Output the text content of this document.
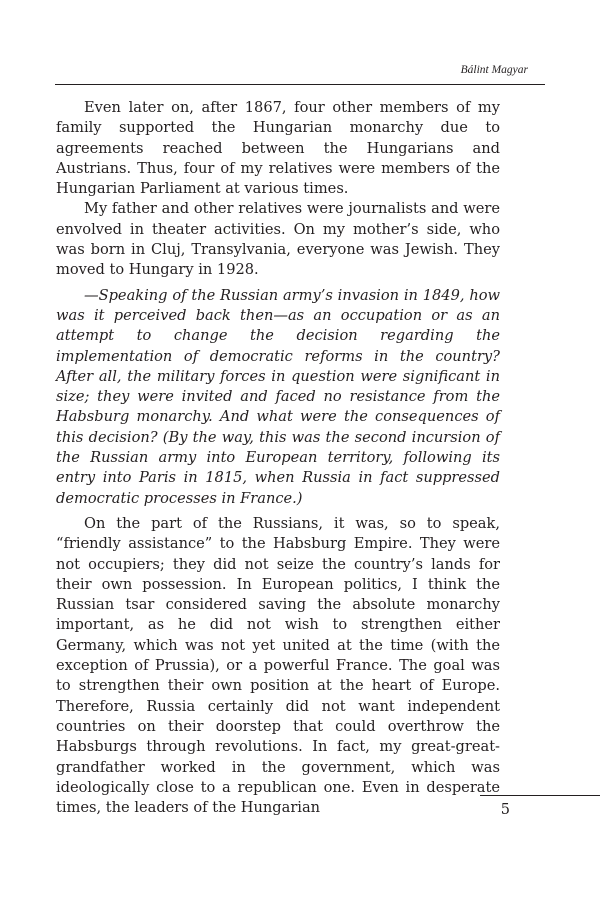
Bálint Magyar

Even later on, after 1867, four other members of my family supported the Hungarian monarchy due to agreements reached between the Hungarians and Austrians. Thus, four of my relatives were members of the Hungarian Parliament at various times.

My father and other relatives were journalists and were envolved in theater activities. On my mother’s side, who was born in Cluj, Transylvania, everyone was Jewish. They moved to Hungary in 1928.

—Speaking of the Russian army’s invasion in 1849, how was it perceived back then—as an occupation or as an attempt to change the decision regarding the implementation of democratic reforms in the country? After all, the military forces in question were significant in size; they were invited and faced no resistance from the Habsburg monarchy. And what were the consequences of this decision? (By the way, this was the second incursion of the Russian army into European territory, following its entry into Paris in 1815, when Russia in fact suppressed democratic processes in France.)

On the part of the Russians, it was, so to speak, “friendly assistance” to the Habsburg Empire. They were not occupiers; they did not seize the country’s lands for their own possession. In European politics, I think the Russian tsar considered saving the absolute monarchy important, as he did not wish to strengthen either Germany, which was not yet united at the time (with the exception of Prussia), or a powerful France. The goal was to strengthen their own position at the heart of Europe. Therefore, Russia certainly did not want independent countries on their doorstep that could overthrow the Habsburgs through revolutions. In fact, my great-great-grandfather worked in the government, which was ideologically close to a republican one. Even in desperate times, the leaders of the Hungarian	5
